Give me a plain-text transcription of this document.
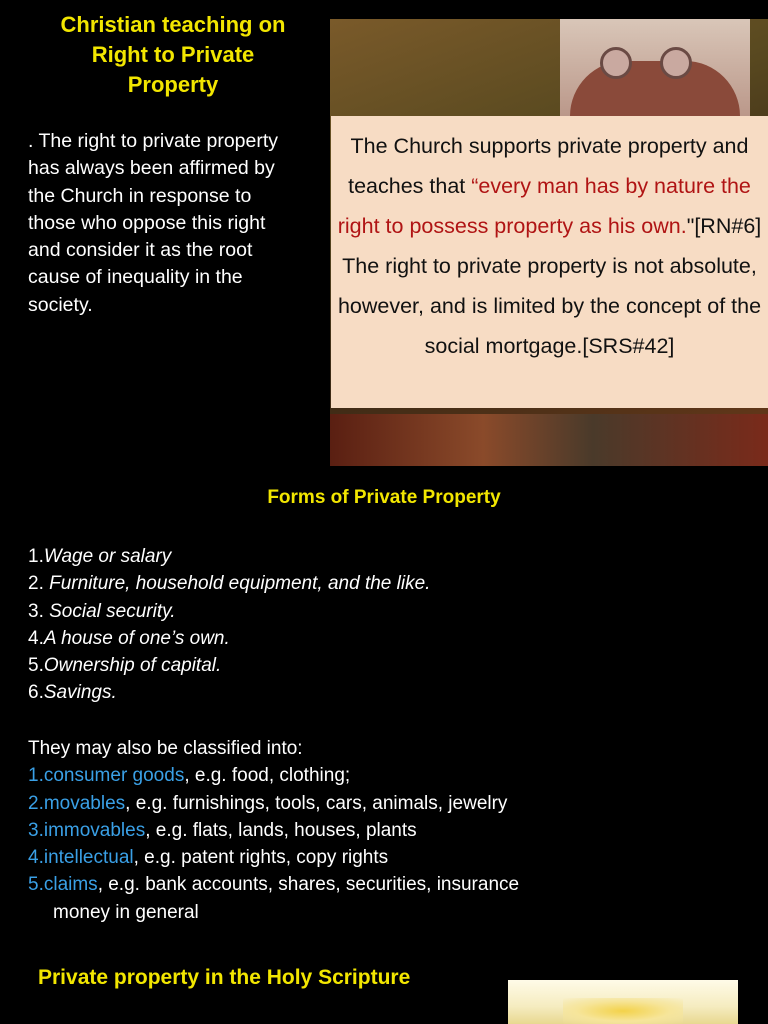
Christian teaching on
Right to Private
Property
. The right to private property has always been affirmed by the Church in response to those who oppose this right and consider it as the root cause of inequality in the society.
The Church supports private property and teaches that “every man has by nature the right to possess property as his own."[RN#6] The right to private property is not absolute, however, and is limited by the concept of the social mortgage.[SRS#42]
Forms of Private Property
1.Wage or salary
2. Furniture, household equipment, and the like.
3. Social security.
4.A house of one’s own.
5.Ownership of capital.
6.Savings.
They may also be classified into:
1.consumer goods, e.g. food, clothing;
2.movables, e.g. furnishings, tools, cars, animals, jewelry
3.immovables, e.g. flats, lands, houses, plants
4.intellectual, e.g. patent rights, copy rights
5.claims, e.g. bank accounts, shares, securities, insurance
money in general
Private property in the Holy Scripture
